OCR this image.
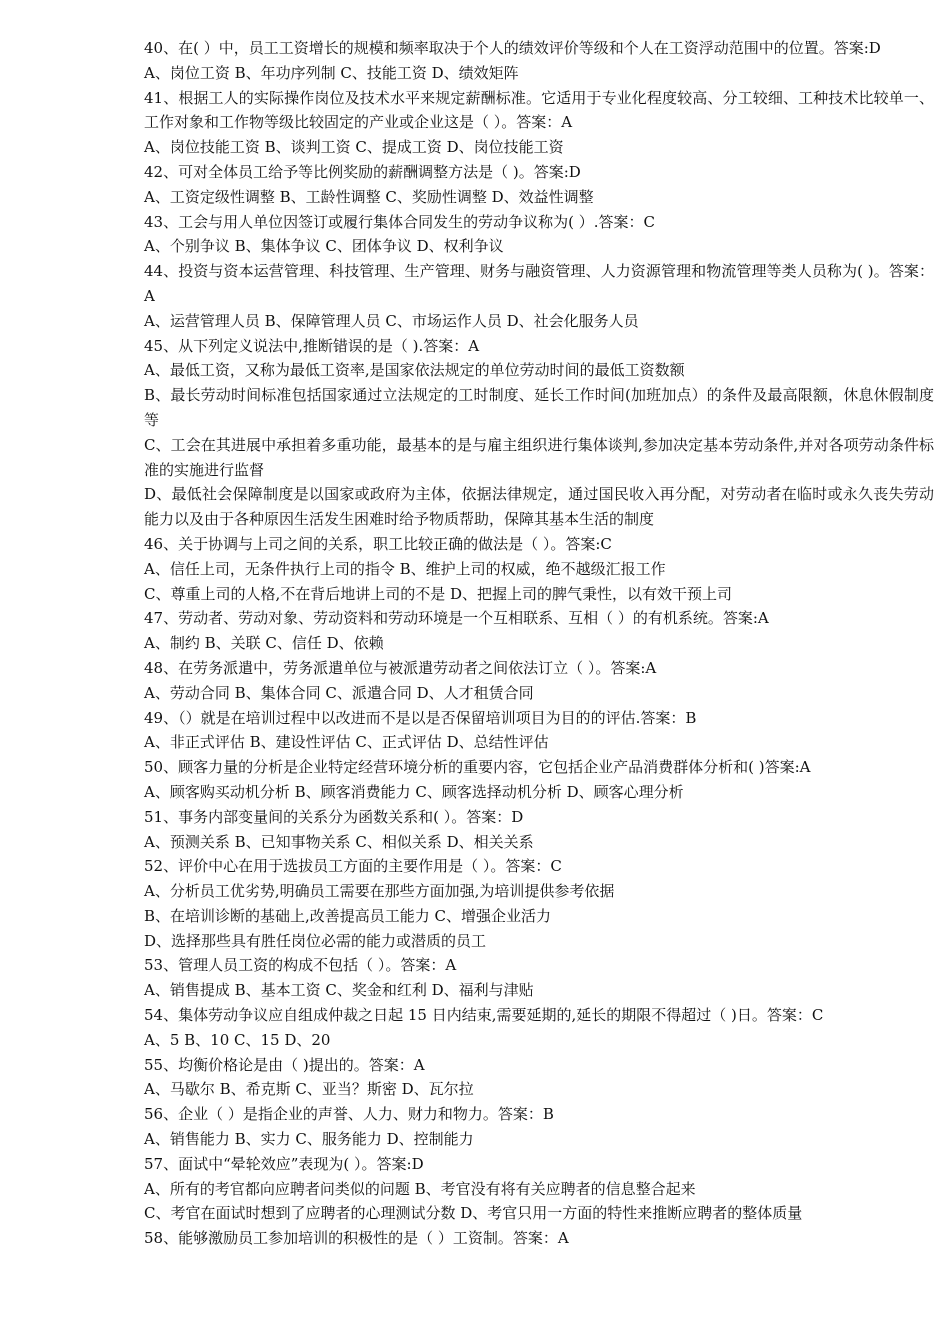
40、在( ）中，员工工资增长的规模和频率取决于个人的绩效评价等级和个人在工资浮动范围中的位置。答案:D

A、岗位工资 B、年功序列制 C、技能工资 D、绩效矩阵

41、根据工人的实际操作岗位及技术水平来规定薪酬标准。它适用于专业化程度较高、分工较细、工种技术比较单一、工作对象和工作物等级比较固定的产业或企业这是（ ）。答案：A

A、岗位技能工资 B、谈判工资 C、提成工资 D、岗位技能工资

42、可对全体员工给予等比例奖励的薪酬调整方法是（ )。答案:D

A、工资定级性调整 B、工龄性调整 C、奖励性调整 D、效益性调整

43、工会与用人单位因签订或履行集体合同发生的劳动争议称为( ）.答案：C

A、个别争议 B、集体争议 C、团体争议 D、权利争议

44、投资与资本运营管理、科技管理、生产管理、财务与融资管理、人力资源管理和物流管理等类人员称为( )。答案：A

A、运营管理人员 B、保障管理人员 C、市场运作人员 D、社会化服务人员

45、从下列定义说法中,推断错误的是（ ).答案：A

A、最低工资，又称为最低工资率,是国家依法规定的单位劳动时间的最低工资数额

B、最长劳动时间标准包括国家通过立法规定的工时制度、延长工作时间(加班加点）的条件及最高限额，休息休假制度等

C、工会在其进展中承担着多重功能，最基本的是与雇主组织进行集体谈判,参加决定基本劳动条件,并对各项劳动条件标准的实施进行监督

D、最低社会保障制度是以国家或政府为主体，依据法律规定，通过国民收入再分配，对劳动者在临时或永久丧失劳动能力以及由于各种原因生活发生困难时给予物质帮助，保障其基本生活的制度

46、关于协调与上司之间的关系，职工比较正确的做法是（ ）。答案:C

A、信任上司，无条件执行上司的指令 B、维护上司的权威，绝不越级汇报工作

C、尊重上司的人格,不在背后地讲上司的不是 D、把握上司的脾气秉性，以有效干预上司

47、劳动者、劳动对象、劳动资料和劳动环境是一个互相联系、互相（ ）的有机系统。答案:A

A、制约 B、关联 C、信任 D、依赖

48、在劳务派遣中，劳务派遣单位与被派遣劳动者之间依法订立（ ）。答案:A

A、劳动合同 B、集体合同 C、派遣合同 D、人才租赁合同

49、（）就是在培训过程中以改进而不是以是否保留培训项目为目的的评估.答案：B

A、非正式评估 B、建设性评估 C、正式评估 D、总结性评估

50、顾客力量的分析是企业特定经营环境分析的重要内容，它包括企业产品消费群体分析和( )答案:A

A、顾客购买动机分析 B、顾客消费能力 C、顾客选择动机分析 D、顾客心理分析

51、事务内部变量间的关系分为函数关系和( ）。答案：D

A、预测关系 B、已知事物关系 C、相似关系 D、相关关系

52、评价中心在用于选拔员工方面的主要作用是（ ）。答案：C

A、分析员工优劣势,明确员工需要在那些方面加强,为培训提供参考依据

B、在培训诊断的基础上,改善提高员工能力 C、增强企业活力

D、选择那些具有胜任岗位必需的能力或潜质的员工

53、管理人员工资的构成不包括（ ）。答案：A

A、销售提成 B、基本工资 C、奖金和红利 D、福利与津贴

54、集体劳动争议应自组成仲裁之日起 15 日内结束,需要延期的,延长的期限不得超过（ )日。答案：C

A、5 B、10 C、15 D、20

55、均衡价格论是由（ )提出的。答案：A

A、马歇尔 B、希克斯 C、亚当？斯密 D、瓦尔拉

56、企业（ ）是指企业的声誉、人力、财力和物力。答案：B

A、销售能力 B、实力 C、服务能力 D、控制能力

57、面试中“晕轮效应”表现为( ）。答案:D

A、所有的考官都向应聘者问类似的问题 B、考官没有将有关应聘者的信息整合起来

C、考官在面试时想到了应聘者的心理测试分数 D、考官只用一方面的特性来推断应聘者的整体质量

58、能够激励员工参加培训的积极性的是（ ）工资制。答案：A
